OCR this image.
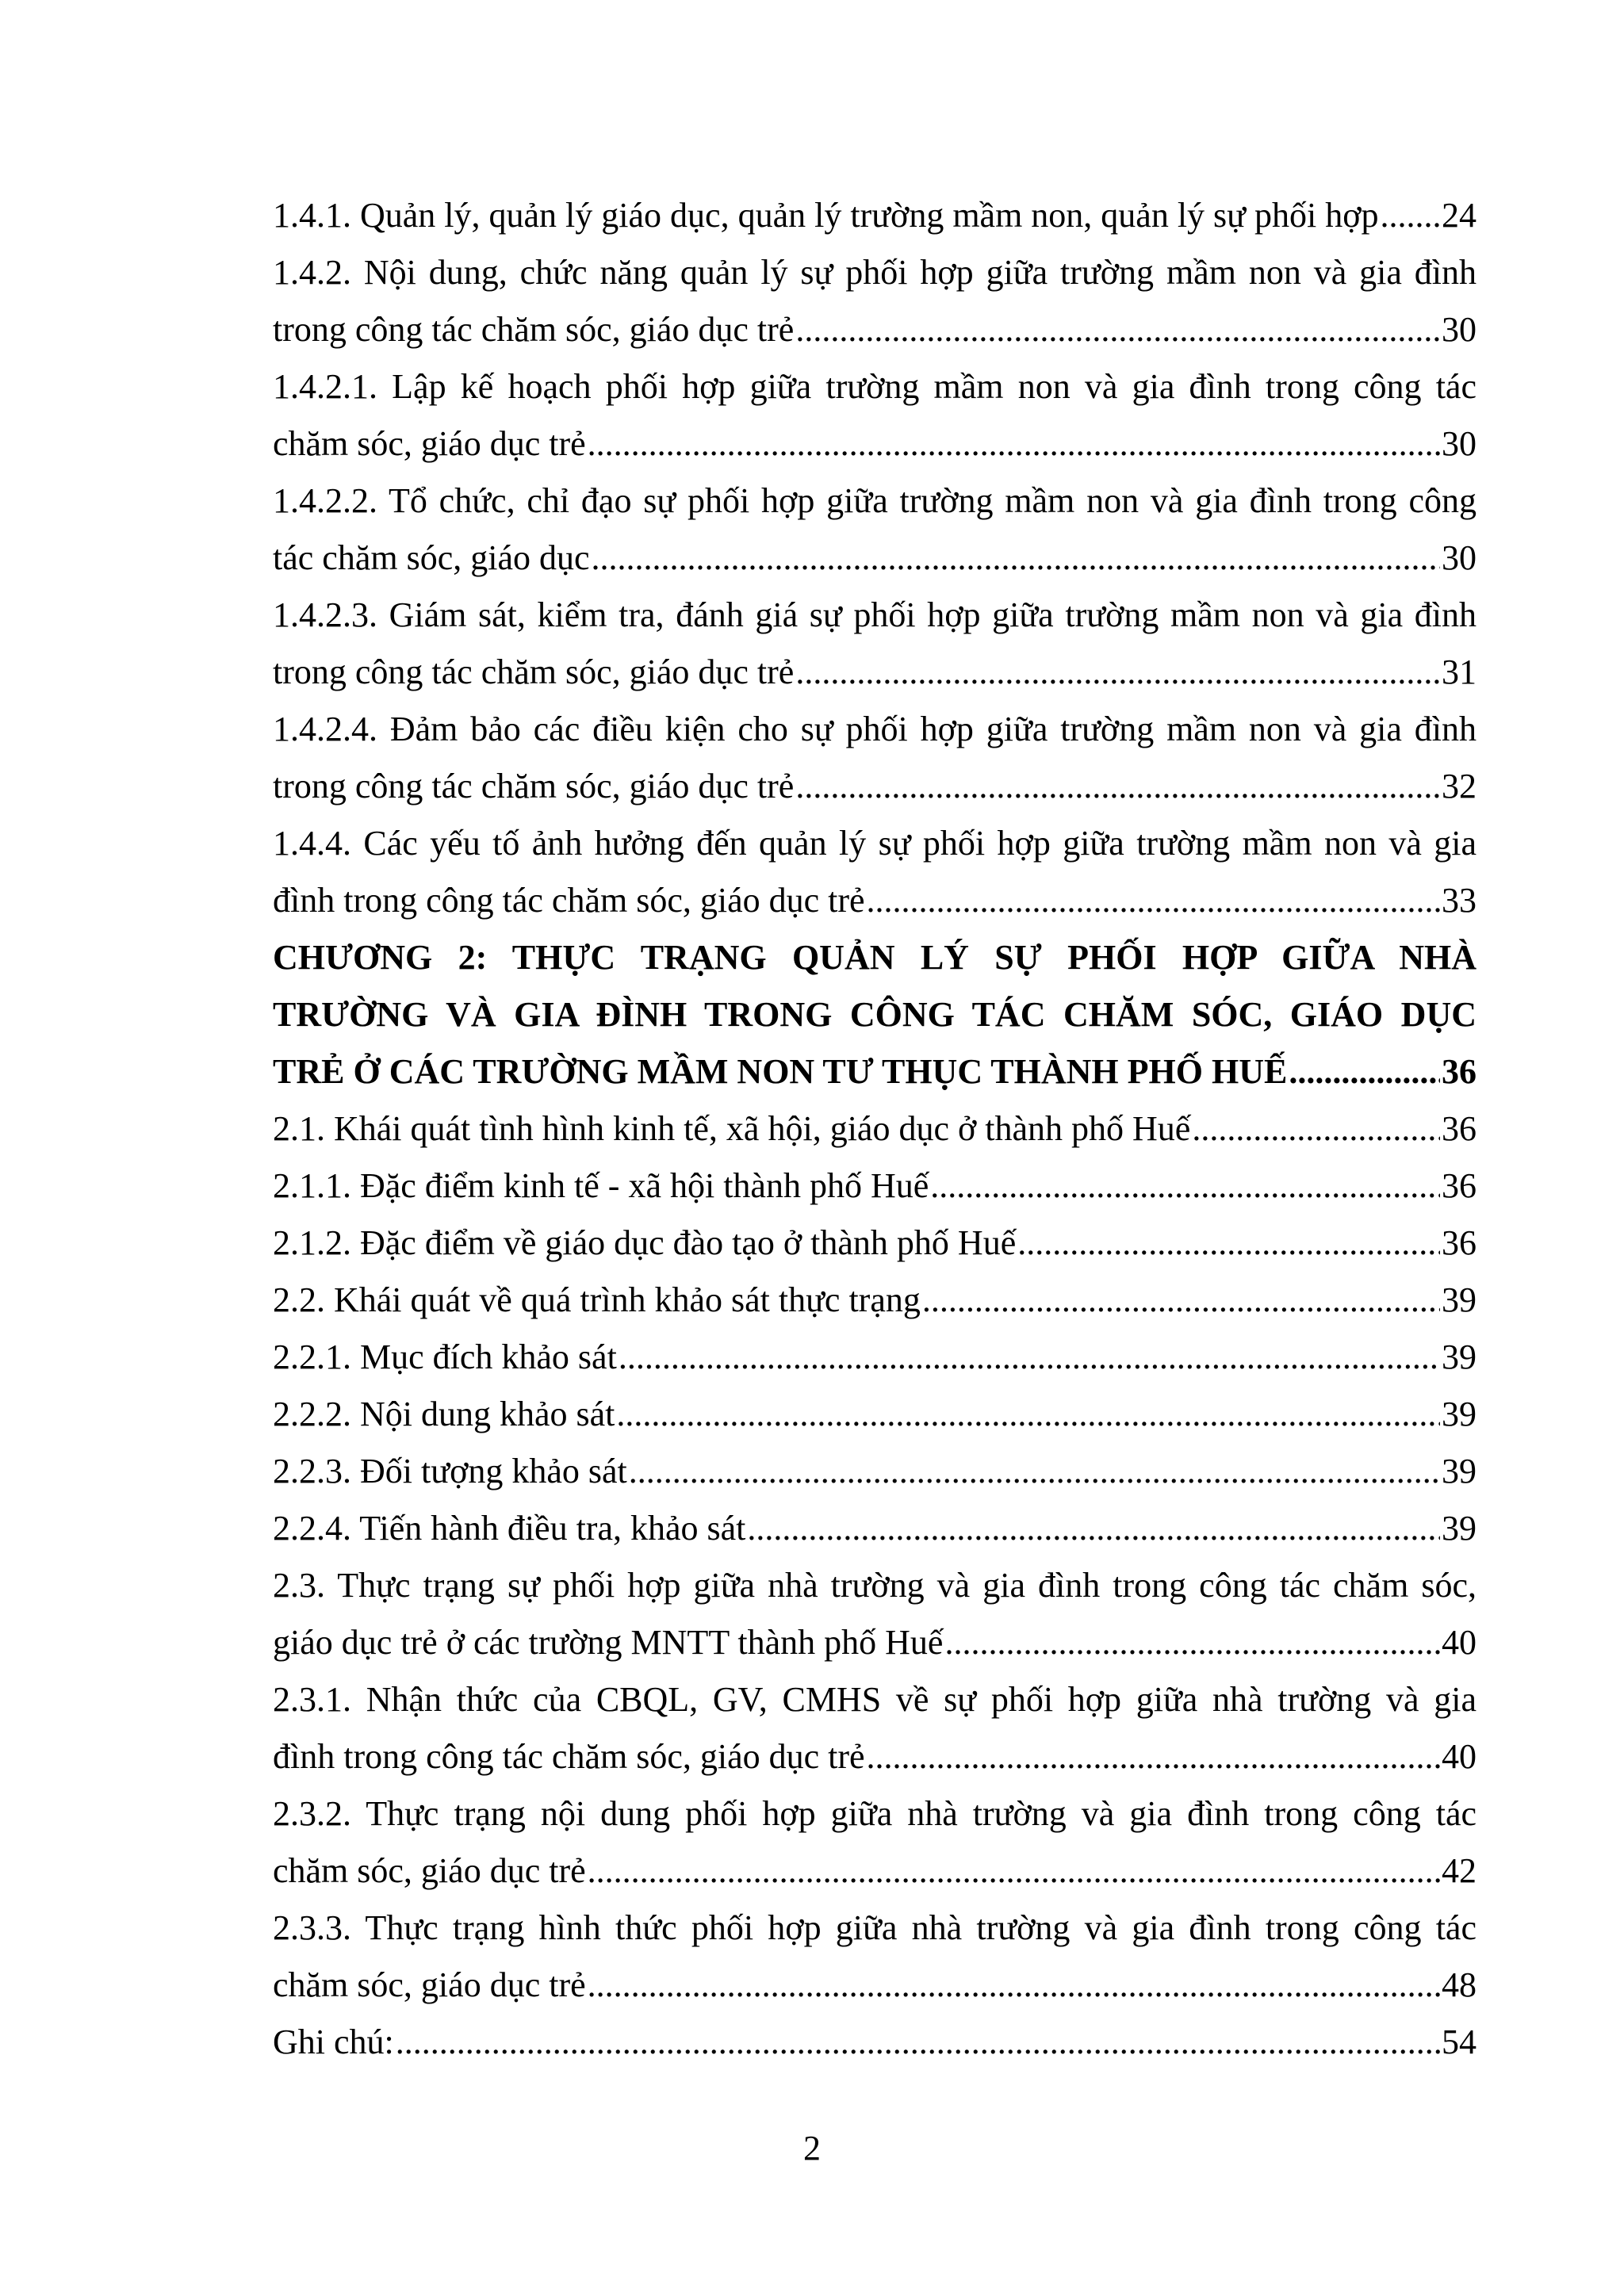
1.4.1. Quản lý, quản lý giáo dục, quản lý trường mầm non, quản lý sự phối hợp ..... 24
1.4.2. Nội dung, chức năng quản lý sự phối hợp giữa trường mầm non và gia đình
trong công tác chăm sóc, giáo dục trẻ .....	30
1.4.2.1. Lập kế hoạch phối hợp giữa trường mầm non và gia đình trong công tác
chăm sóc, giáo dục trẻ .....	30
1.4.2.2. Tổ chức, chỉ đạo sự phối hợp giữa trường mầm non và gia đình trong công
tác chăm sóc, giáo dục .....	30
1.4.2.3. Giám sát, kiểm tra, đánh giá sự phối hợp giữa trường mầm non và gia đình
trong công tác chăm sóc, giáo dục trẻ .....	31
1.4.2.4. Đảm bảo các điều kiện cho sự phối hợp giữa trường mầm non và gia đình
trong công tác chăm sóc, giáo dục trẻ .....	32
1.4.4. Các yếu tố ảnh hưởng đến quản lý sự phối hợp giữa trường mầm non và gia
đình trong công tác chăm sóc, giáo dục trẻ .....	33
CHƯƠNG 2: THỰC TRẠNG QUẢN LÝ SỰ PHỐI HỢP GIỮA NHÀ
TRƯỜNG VÀ GIA ĐÌNH TRONG CÔNG TÁC CHĂM SÓC, GIÁO DỤC
TRẺ Ở CÁC TRƯỜNG MẦM NON TƯ THỤC THÀNH PHỐ HUẾ .....	36
2.1. Khái quát tình hình kinh tế, xã hội, giáo dục ở thành phố Huế .....	36
2.1.1. Đặc điểm kinh tế - xã hội thành phố Huế .....	36
2.1.2. Đặc điểm về giáo dục đào tạo ở thành phố Huế .....	36
2.2. Khái quát về quá trình khảo sát thực trạng .....	39
2.2.1. Mục đích khảo sát .....	39
2.2.2. Nội dung khảo sát .....	39
2.2.3. Đối tượng khảo sát .....	39
2.2.4. Tiến hành điều tra, khảo sát .....	39
2.3. Thực trạng sự phối hợp giữa nhà trường và gia đình trong công tác chăm sóc,
giáo dục trẻ ở các trường MNTT thành phố Huế .....	40
2.3.1. Nhận thức của CBQL, GV, CMHS về sự phối hợp giữa nhà trường và gia
đình trong công tác chăm sóc, giáo dục trẻ .....	40
2.3.2. Thực trạng nội dung phối hợp giữa nhà trường và gia đình trong công tác
chăm sóc, giáo dục trẻ .....	42
2.3.3. Thực trạng hình thức phối hợp giữa nhà trường và gia đình trong công tác
chăm sóc, giáo dục trẻ .....	48
Ghi chú: .....	54
2
